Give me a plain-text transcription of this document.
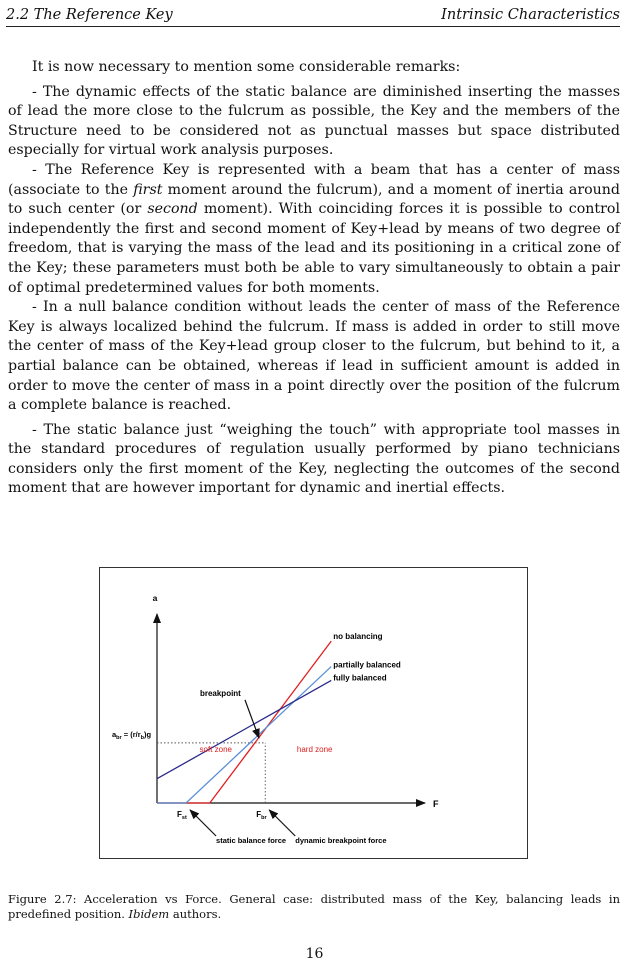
2.2 The Reference Key	Intrinsic Characteristics

It is now necessary to mention some considerable remarks:

- The dynamic effects of the static balance are diminished inserting the masses of lead the more close to the fulcrum as possible, the Key and the members of the Structure need to be considered not as punctual masses but space distributed especially for virtual work analysis purposes.

- The Reference Key is represented with a beam that has a center of mass (associate to the first moment around the fulcrum), and a moment of inertia around to such center (or second moment). With coinciding forces it is possible to control independently the first and second moment of Key+lead by means of two degree of freedom, that is varying the mass of the lead and its positioning in a critical zone of the Key; these parameters must both be able to vary simultaneously to obtain a pair of optimal predetermined values for both moments.

- In a null balance condition without leads the center of mass of the Reference Key is always localized behind the fulcrum. If mass is added in order to still move the center of mass of the Key+lead group closer to the fulcrum, but behind to it, a partial balance can be obtained, whereas if lead in sufficient amount is added in order to move the center of mass in a point directly over the position of the fulcrum a complete balance is reached.

- The static balance just “weighing the touch” with appropriate tool masses in the standard procedures of regulation usually performed by piano technicians considers only the first moment of the Key, neglecting the outcomes of the second moment that are however important for dynamic and inertial effects.

a
F
no balancing
partially balanced
fully balanced
$a_{br} = (r/r_b)g$
$F_{st}$	$F_{br}$
breakpoint
soft zone	hard zone
static balance force dynamic breakpoint force
Figure 2.7: Acceleration vs Force. General case: distributed mass of the Key, balancing leads in predefined position. Ibidem authors.
16
